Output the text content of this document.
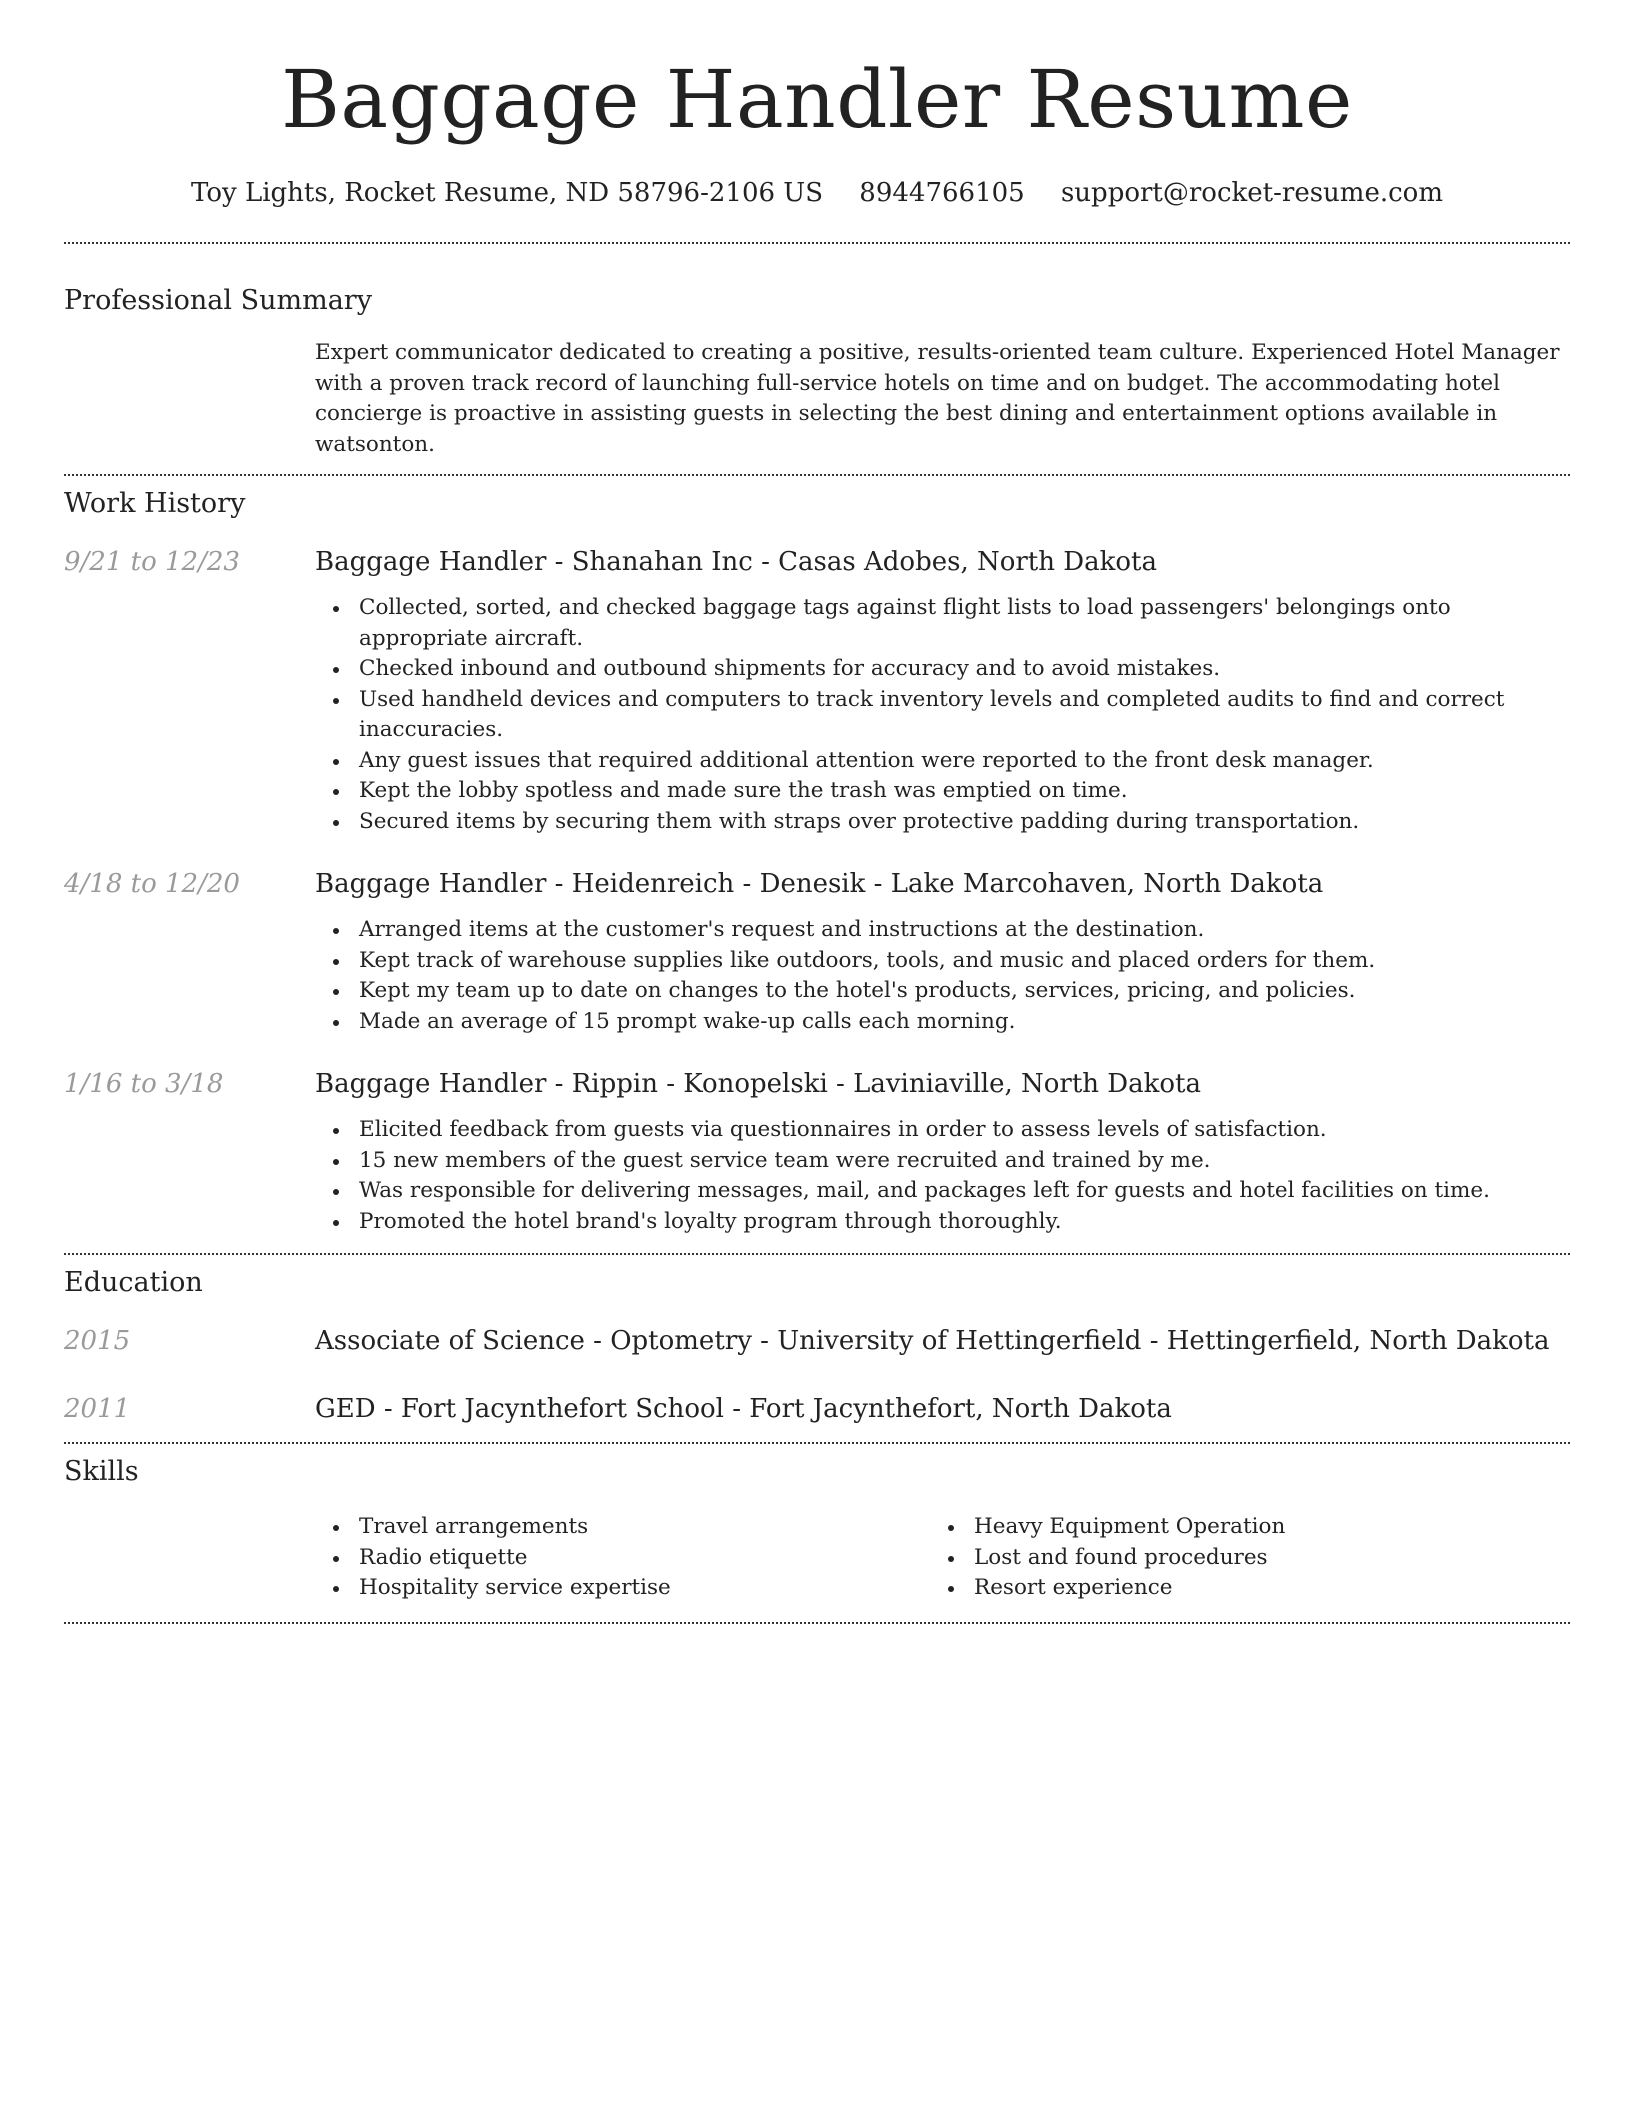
Baggage Handler Resume
Toy Lights, Rocket Resume, ND 58796-2106 US 8944766105 support@rocket-resume.com
Professional Summary

Expert communicator dedicated to creating a positive, results-oriented team culture. Experienced Hotel Manager with a proven track record of launching full-service hotels on time and on budget. The accommodating hotel concierge is proactive in assisting guests in selecting the best dining and entertainment options available in watsonton.

Work History
9/21 to 12/23	Baggage Handler - Shanahan Inc - Casas Adobes, North Dakota
Collected, sorted, and checked baggage tags against flight lists to load passengers' belongings onto appropriate aircraft.
Checked inbound and outbound shipments for accuracy and to avoid mistakes.
Used handheld devices and computers to track inventory levels and completed audits to find and correct inaccuracies.
Any guest issues that required additional attention were reported to the front desk manager.
Kept the lobby spotless and made sure the trash was emptied on time.
Secured items by securing them with straps over protective padding during transportation.
4/18 to 12/20	Baggage Handler - Heidenreich - Denesik - Lake Marcohaven, North Dakota
Arranged items at the customer's request and instructions at the destination.
Kept track of warehouse supplies like outdoors, tools, and music and placed orders for them.
Kept my team up to date on changes to the hotel's products, services, pricing, and policies.
Made an average of 15 prompt wake-up calls each morning.
1/16 to 3/18	Baggage Handler - Rippin - Konopelski - Laviniaville, North Dakota
Elicited feedback from guests via questionnaires in order to assess levels of satisfaction.
15 new members of the guest service team were recruited and trained by me.
Was responsible for delivering messages, mail, and packages left for guests and hotel facilities on time.
Promoted the hotel brand's loyalty program through thoroughly.
Education
2015	Associate of Science - Optometry - University of Hettingerfield - Hettingerfield, North Dakota
2011	GED - Fort Jacynthefort School - Fort Jacynthefort, North Dakota
Skills
Travel arrangements
Radio etiquette
Hospitality service expertise
Heavy Equipment Operation
Lost and found procedures
Resort experience
